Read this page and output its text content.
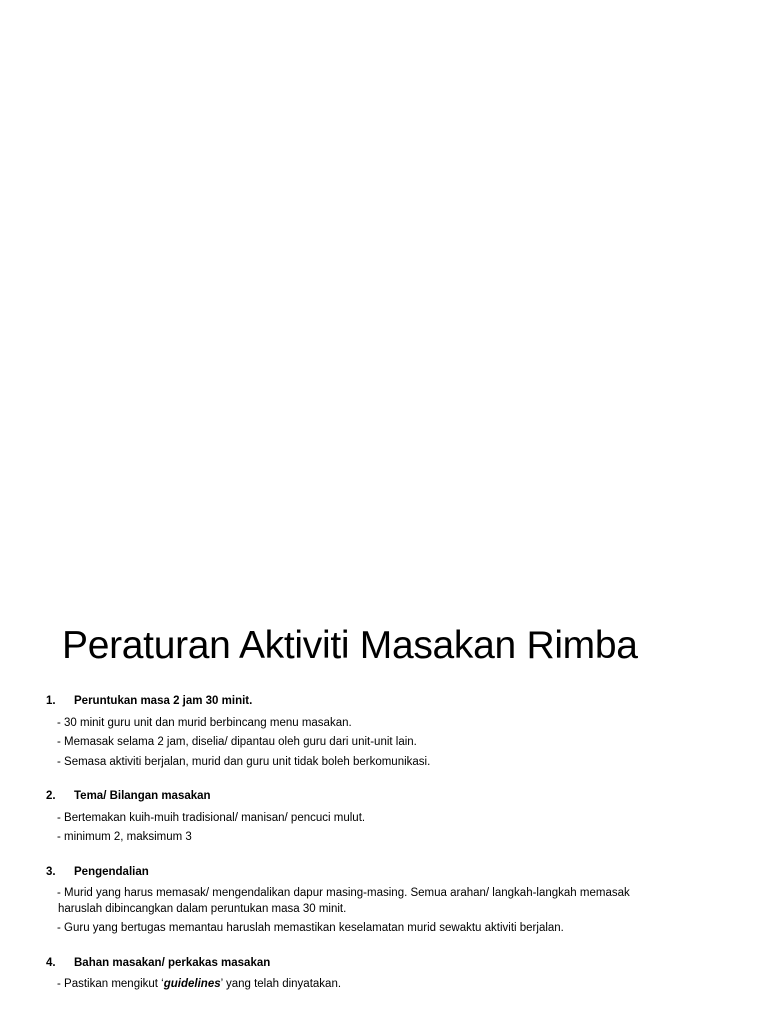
Peraturan Aktiviti Masakan Rimba
1.	Peruntukan masa 2 jam 30 minit.
- 30 minit guru unit dan murid berbincang menu masakan.
- Memasak selama 2 jam, diselia/ dipantau oleh guru dari unit-unit lain.
- Semasa aktiviti berjalan, murid dan guru unit tidak boleh berkomunikasi.
2.	Tema/ Bilangan masakan
- Bertemakan kuih-muih tradisional/ manisan/ pencuci mulut.
- minimum 2, maksimum 3
3.	Pengendalian
- Murid yang harus memasak/ mengendalikan dapur masing-masing. Semua arahan/ langkah-langkah memasak
haruslah dibincangkan dalam peruntukan masa 30 minit.
- Guru yang bertugas memantau haruslah memastikan keselamatan murid sewaktu aktiviti berjalan.
4.	Bahan masakan/ perkakas masakan
- Pastikan mengikut ‘guidelines’ yang telah dinyatakan.
